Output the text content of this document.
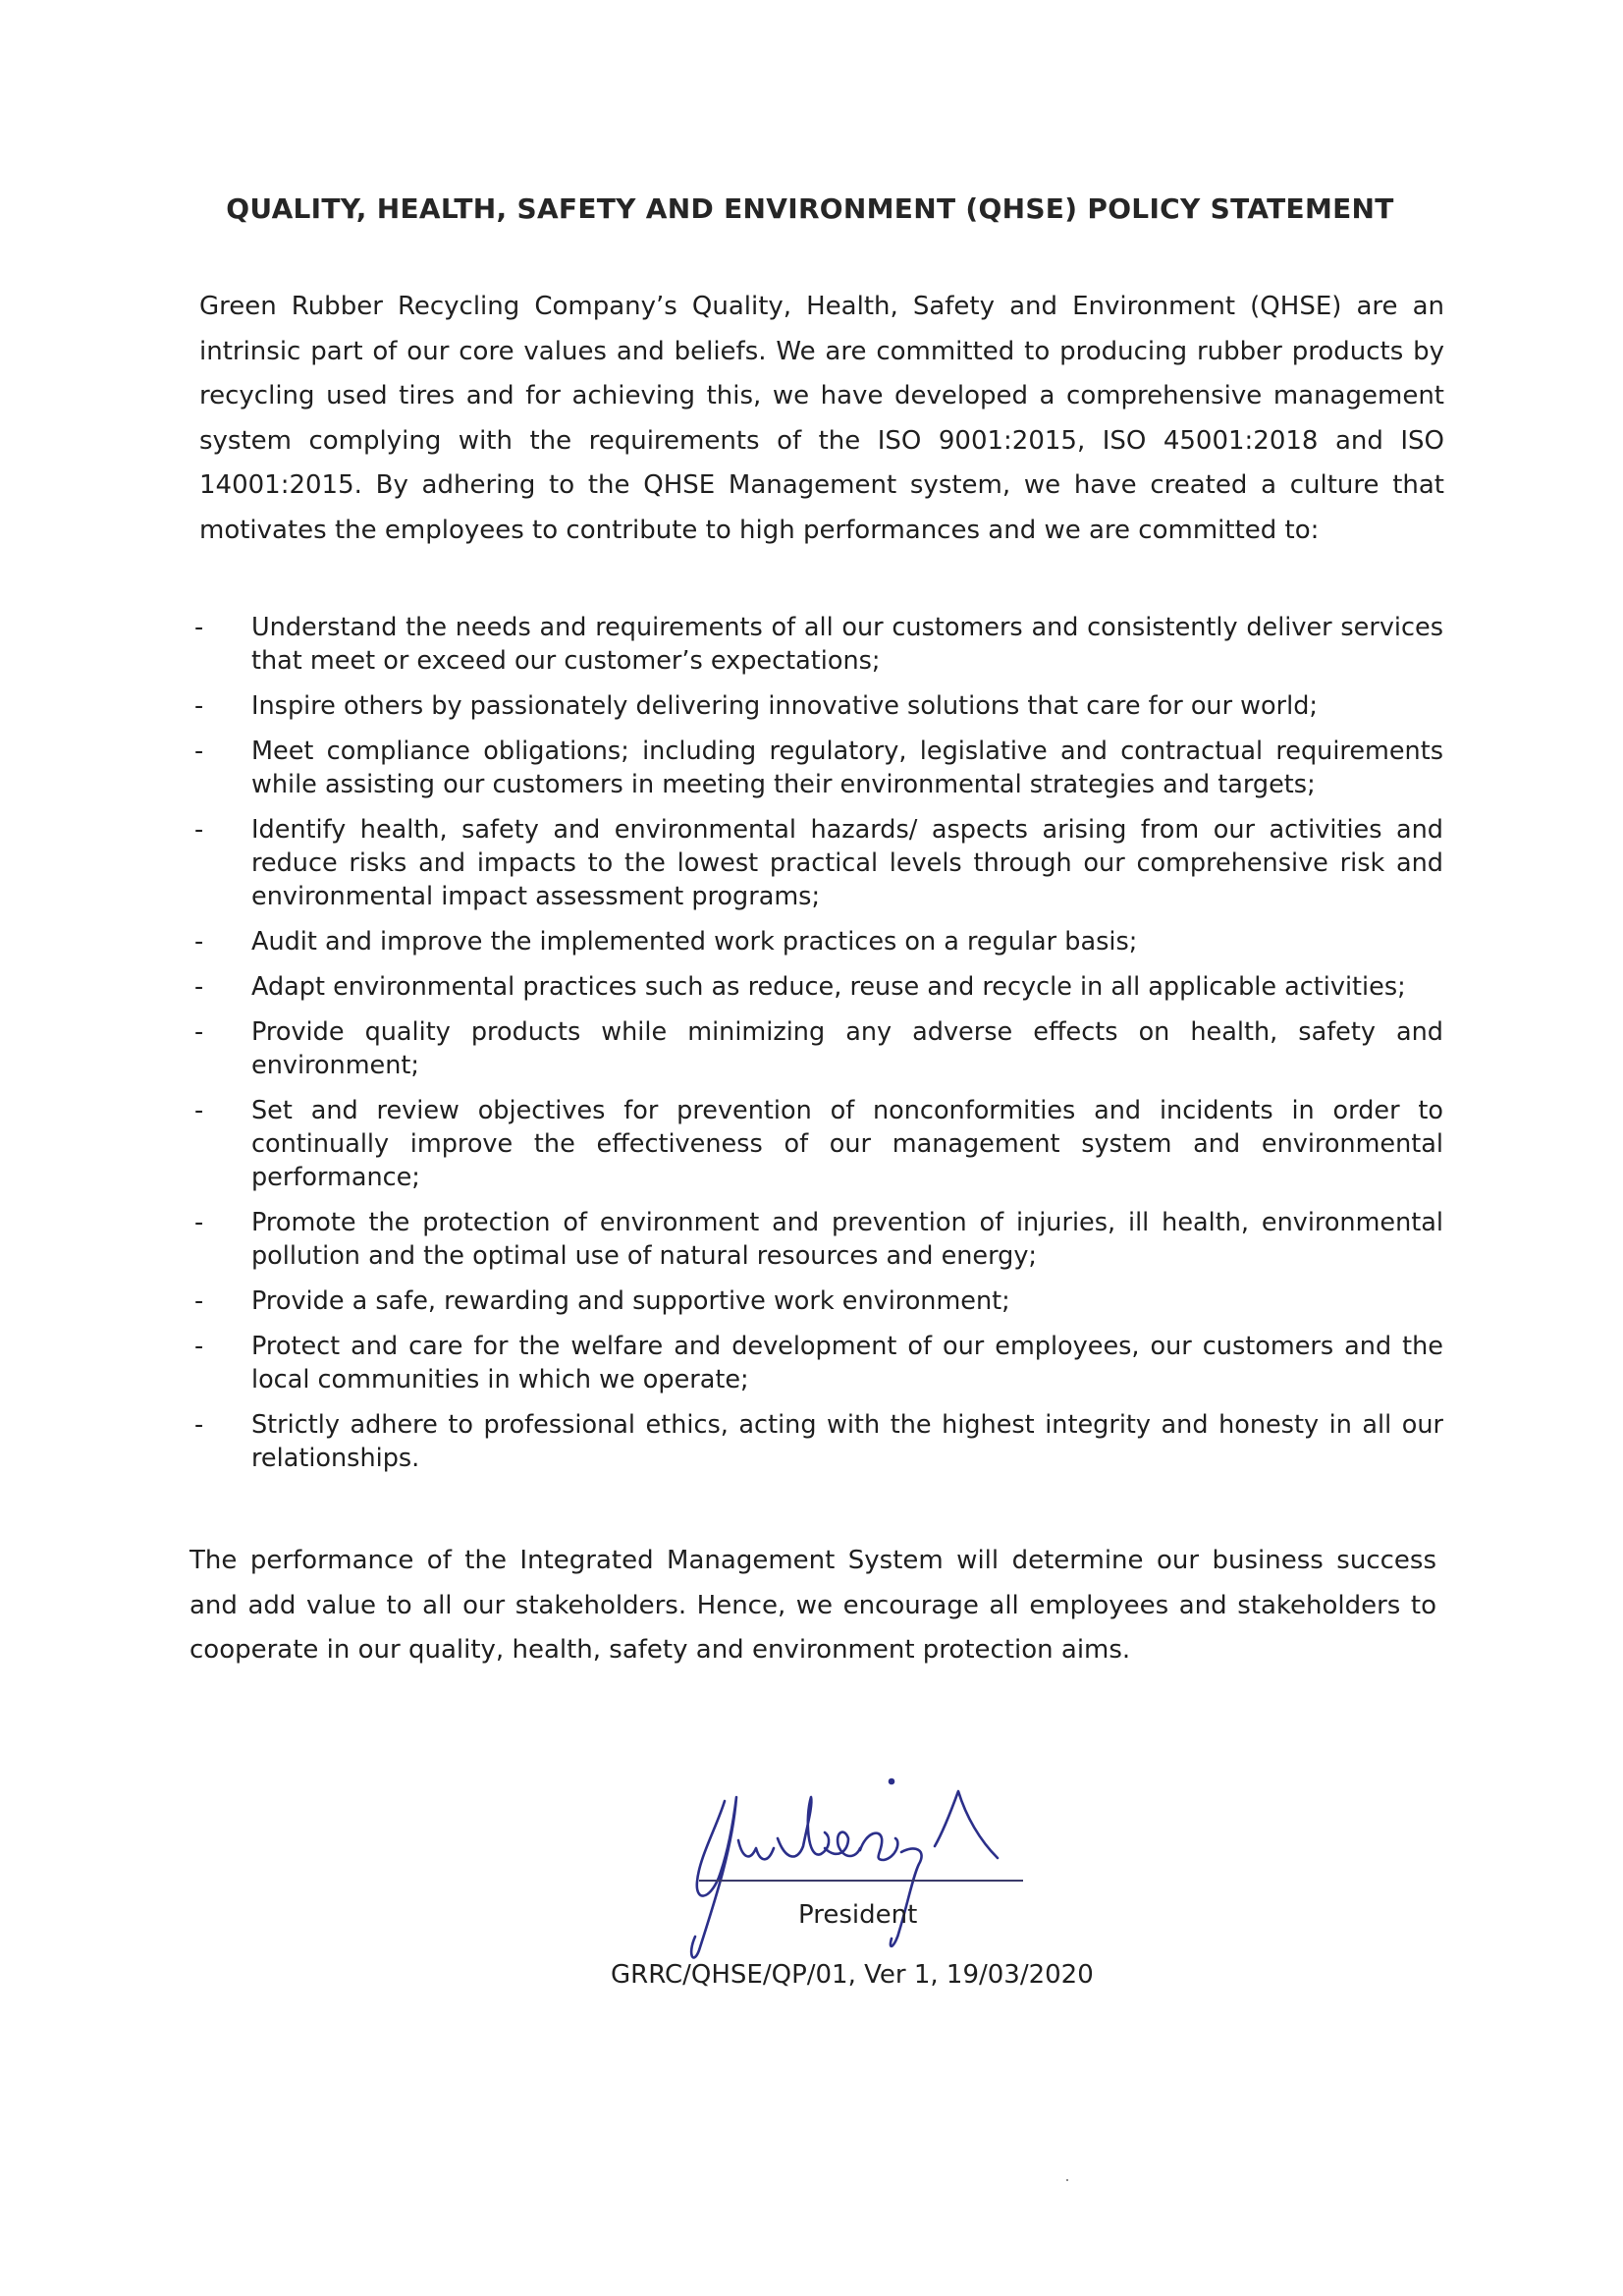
QUALITY, HEALTH, SAFETY AND ENVIRONMENT (QHSE) POLICY STATEMENT

Green Rubber Recycling Company’s Quality, Health, Safety and Environment (QHSE) are an intrinsic part of our core values and beliefs. We are committed to producing rubber products by recycling used tires and for achieving this, we have developed a comprehensive management system complying with the requirements of the ISO 9001:2015, ISO 45001:2018 and ISO 14001:2015. By adhering to the QHSE Management system, we have created a culture that motivates the employees to contribute to high performances and we are committed to:

- Understand the needs and requirements of all our customers and consistently deliver services that meet or exceed our customer’s expectations;
- Inspire others by passionately delivering innovative solutions that care for our world;
- Meet compliance obligations; including regulatory, legislative and contractual requirements while assisting our customers in meeting their environmental strategies and targets;
- Identify health, safety and environmental hazards/ aspects arising from our activities and reduce risks and impacts to the lowest practical levels through our comprehensive risk and environmental impact assessment programs;
- Audit and improve the implemented work practices on a regular basis;
- Adapt environmental practices such as reduce, reuse and recycle in all applicable activities;
- Provide quality products while minimizing any adverse effects on health, safety and environment;
- Set and review objectives for prevention of nonconformities and incidents in order to continually improve the effectiveness of our management system and environmental performance;
- Promote the protection of environment and prevention of injuries, ill health, environmental pollution and the optimal use of natural resources and energy;
- Provide a safe, rewarding and supportive work environment;
- Protect and care for the welfare and development of our employees, our customers and the local communities in which we operate;
- Strictly adhere to professional ethics, acting with the highest integrity and honesty in all our relationships.

The performance of the Integrated Management System will determine our business success and add value to all our stakeholders. Hence, we encourage all employees and stakeholders to cooperate in our quality, health, safety and environment protection aims.

President
GRRC/QHSE/QP/01, Ver 1, 19/03/2020
